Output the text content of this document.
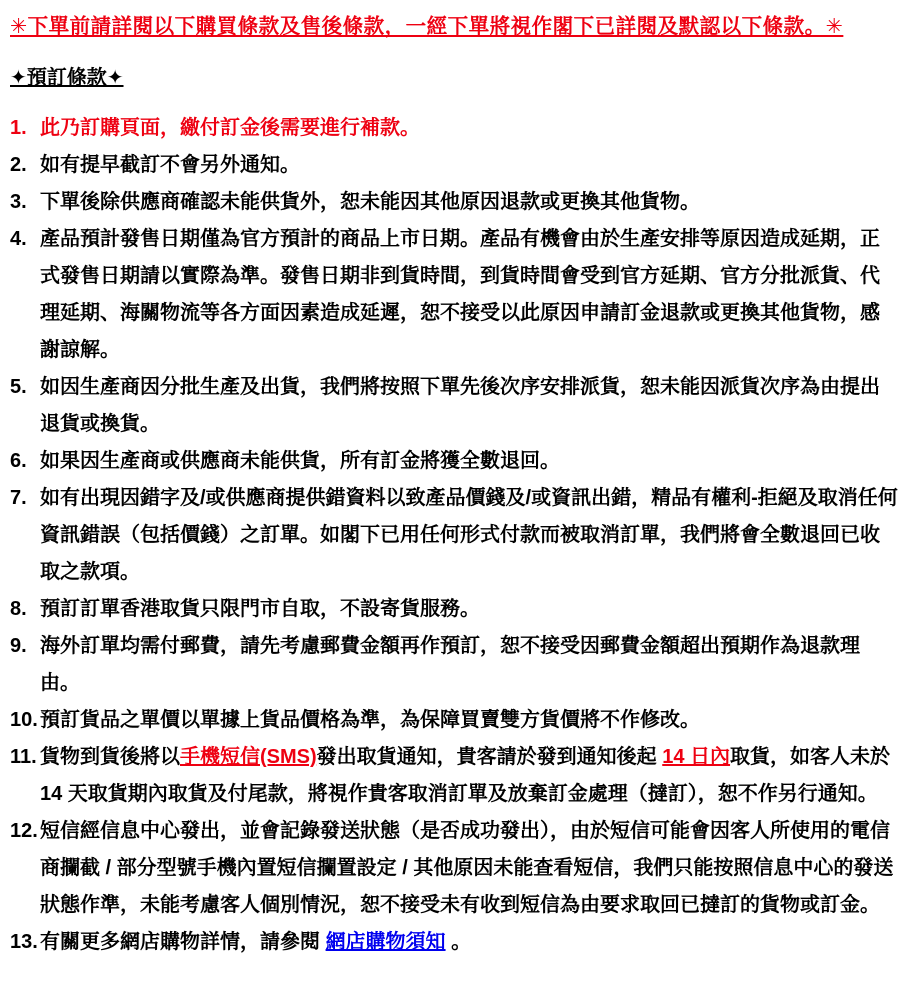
✳下單前請詳閱以下購買條款及售後條款，一經下單將視作閣下已詳閱及默認以下條款。✳
✦預訂條款✦
1. 此乃訂購頁面，繳付訂金後需要進行補款。
2. 如有提早截訂不會另外通知。
3. 下單後除供應商確認未能供貨外，恕未能因其他原因退款或更換其他貨物。
4. 產品預計發售日期僅為官方預計的商品上市日期。產品有機會由於生產安排等原因造成延期，正式發售日期請以實際為準。發售日期非到貨時間，到貨時間會受到官方延期、官方分批派貨、代理延期、海關物流等各方面因素造成延遲，恕不接受以此原因申請訂金退款或更換其他貨物，感謝諒解。
5. 如因生產商因分批生產及出貨，我們將按照下單先後次序安排派貨，恕未能因派貨次序為由提出退貨或換貨。
6. 如果因生產商或供應商未能供貨，所有訂金將獲全數退回。
7. 如有出現因錯字及/或供應商提供錯資料以致產品價錢及/或資訊出錯，精品有權利-拒絕及取消任何資訊錯誤（包括價錢）之訂單。如閣下已用任何形式付款而被取消訂單，我們將會全數退回已收取之款項。
8. 預訂訂單香港取貨只限門市自取，不設寄貨服務。
9. 海外訂單均需付郵費，請先考慮郵費金額再作預訂，恕不接受因郵費金額超出預期作為退款理由。
10. 預訂貨品之單價以單據上貨品價格為準，為保障買賣雙方貨價將不作修改。
11. 貨物到貨後將以手機短信(SMS)發出取貨通知，貴客請於發到通知後起 14 日內取貨，如客人未於 14 天取貨期內取貨及付尾款，將視作貴客取消訂單及放棄訂金處理（撻訂），恕不作另行通知。
12. 短信經信息中心發出，並會記錄發送狀態（是否成功發出），由於短信可能會因客人所使用的電信商攔截 / 部分型號手機內置短信攔置設定 / 其他原因未能查看短信，我們只能按照信息中心的發送狀態作準，未能考慮客人個別情況，恕不接受未有收到短信為由要求取回已撻訂的貨物或訂金。
13. 有關更多網店購物詳情，請參閱 網店購物須知 。
